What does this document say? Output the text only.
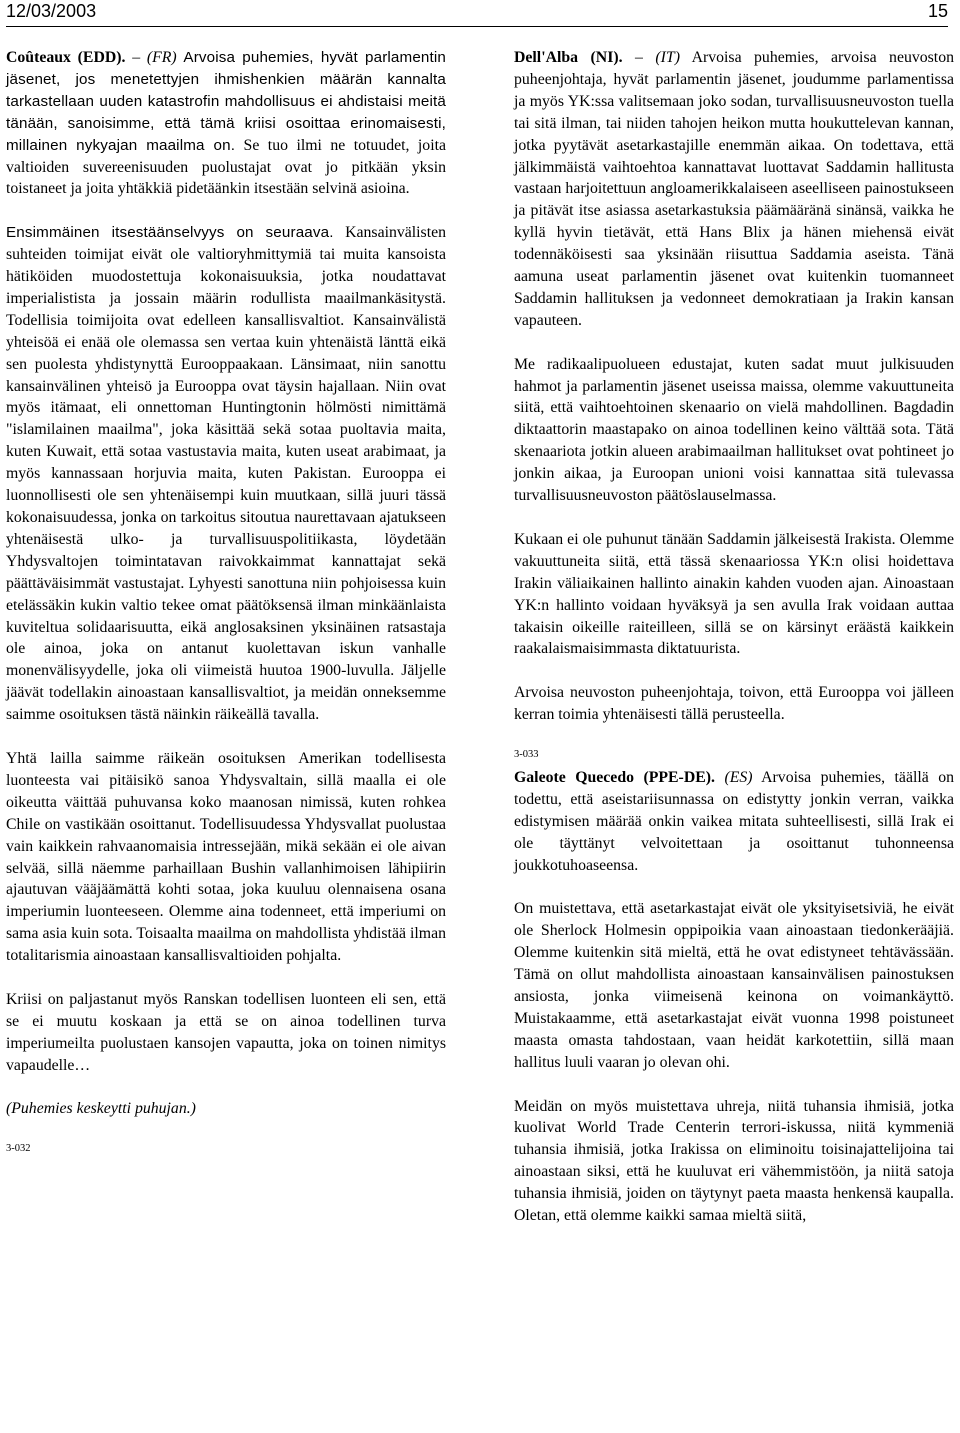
12/03/2003	15

Coûteaux (EDD). – (FR) Arvoisa puhemies, hyvät parlamentin jäsenet, jos menetettyjen ihmishenkien määrän kannalta tarkastellaan uuden katastrofin mahdollisuus ei ahdistaisi meitä tänään, sanoisimme, että tämä kriisi osoittaa erinomaisesti, millainen nykyajan maailma on. Se tuo ilmi ne totuudet, joita valtioiden suvereenisuuden puolustajat ovat jo pitkään yksin toistaneet ja joita yhtäkkiä pidetäänkin itsestään selvinä asioina.

Ensimmäinen itsestäänselvyys on seuraava. Kansainvälisten suhteiden toimijat eivät ole valtioryhmittymiä tai muita kansoista hätiköiden muodostettuja kokonaisuuksia, jotka noudattavat imperialistista ja jossain määrin rodullista maailmankäsitystä. Todellisia toimijoita ovat edelleen kansallisvaltiot. Kansainvälistä yhteisöä ei enää ole olemassa sen vertaa kuin yhtenäistä länttä eikä sen puolesta yhdistynyttä Eurooppaakaan. Länsimaat, niin sanottu kansainvälinen yhteisö ja Eurooppa ovat täysin hajallaan. Niin ovat myös itämaat, eli onnettoman Huntingtonin hölmösti nimittämä "islamilainen maailma", joka käsittää sekä sotaa puoltavia maita, kuten Kuwait, että sotaa vastustavia maita, kuten useat arabimaat, ja myös kannassaan horjuvia maita, kuten Pakistan. Eurooppa ei luonnollisesti ole sen yhtenäisempi kuin muutkaan, sillä juuri tässä kokonaisuudessa, jonka on tarkoitus sitoutua naurettavaan ajatukseen yhtenäisestä ulko- ja turvallisuuspolitiikasta, löydetään Yhdysvaltojen toimintatavan raivokkaimmat kannattajat sekä päättäväisimmät vastustajat. Lyhyesti sanottuna niin pohjoisessa kuin etelässäkin kukin valtio tekee omat päätöksensä ilman minkäänlaista kuviteltua solidaarisuutta, eikä anglosaksinen yksinäinen ratsastaja ole ainoa, joka on antanut kuolettavan iskun vanhalle monenvälisyydelle, joka oli viimeistä huutoa 1900-luvulla. Jäljelle jäävät todellakin ainoastaan kansallisvaltiot, ja meidän onneksemme saimme osoituksen tästä näinkin räikeällä tavalla.

Yhtä lailla saimme räikeän osoituksen Amerikan todellisesta luonteesta vai pitäisikö sanoa Yhdysvaltain, sillä maalla ei ole oikeutta väittää puhuvansa koko maanosan nimissä, kuten rohkea Chile on vastikään osoittanut. Todellisuudessa Yhdysvallat puolustaa vain kaikkein rahvaanomaisia intressejään, mikä sekään ei ole aivan selvää, sillä näemme parhaillaan Bushin vallanhimoisen lähipiirin ajautuvan vääjäämättä kohti sotaa, joka kuuluu olennaisena osana imperiumin luonteeseen. Olemme aina todenneet, että imperiumi on sama asia kuin sota. Toisaalta maailma on mahdollista yhdistää ilman totalitarismia ainoastaan kansallisvaltioiden pohjalta.

Kriisi on paljastanut myös Ranskan todellisen luonteen eli sen, että se ei muutu koskaan ja että se on ainoa todellinen turva imperiumeilta puolustaen kansojen vapautta, joka on toinen nimitys vapaudelle…

(Puhemies keskeytti puhujan.)

3-032

Dell'Alba (NI). – (IT) Arvoisa puhemies, arvoisa neuvoston puheenjohtaja, hyvät parlamentin jäsenet, joudumme parlamentissa ja myös YK:ssa valitsemaan joko sodan, turvallisuusneuvoston tuella tai sitä ilman, tai niiden tahojen heikon mutta houkuttelevan kannan, jotka pyytävät asetarkastajille enemmän aikaa. On todettava, että jälkimmäistä vaihtoehtoa kannattavat luottavat Saddamin hallitusta vastaan harjoitettuun angloamerikkalaiseen aseelliseen painostukseen ja pitävät itse asiassa asetarkastuksia päämääränä sinänsä, vaikka he kyllä hyvin tietävät, että Hans Blix ja hänen miehensä eivät todennäköisesti saa yksinään riisuttua Saddamia aseista. Tänä aamuna useat parlamentin jäsenet ovat kuitenkin tuomanneet Saddamin hallituksen ja vedonneet demokratiaan ja Irakin kansan vapauteen.

Me radikaalipuolueen edustajat, kuten sadat muut julkisuuden hahmot ja parlamentin jäsenet useissa maissa, olemme vakuuttuneita siitä, että vaihtoehtoinen skenaario on vielä mahdollinen. Bagdadin diktaattorin maastapako on ainoa todellinen keino välttää sota. Tätä skenaariota jotkin alueen arabimaailman hallitukset ovat pohtineet jo jonkin aikaa, ja Euroopan unioni voisi kannattaa sitä tulevassa turvallisuusneuvoston päätöslauselmassa.

Kukaan ei ole puhunut tänään Saddamin jälkeisestä Irakista. Olemme vakuuttuneita siitä, että tässä skenaariossa YK:n olisi hoidettava Irakin väliaikainen hallinto ainakin kahden vuoden ajan. Ainoastaan YK:n hallinto voidaan hyväksyä ja sen avulla Irak voidaan auttaa takaisin oikeille raiteilleen, sillä se on kärsinyt eräästä kaikkein raakalaismaisimmasta diktatuurista.

Arvoisa neuvoston puheenjohtaja, toivon, että Eurooppa voi jälleen kerran toimia yhtenäisesti tällä perusteella.

3-033

Galeote Quecedo (PPE-DE). (ES) Arvoisa puhemies, täällä on todettu, että aseistariisunnassa on edistytty jonkin verran, vaikka edistymisen määrää onkin vaikea mitata suhteellisesti, sillä Irak ei ole täyttänyt velvoitettaan ja osoittanut tuhonneensa joukkotuhoaseensa.

On muistettava, että asetarkastajat eivät ole yksityisetsiviä, he eivät ole Sherlock Holmesin oppipoikia vaan ainoastaan tiedonkerääjiä. Olemme kuitenkin sitä mieltä, että he ovat edistyneet tehtävässään. Tämä on ollut mahdollista ainoastaan kansainvälisen painostuksen ansiosta, jonka viimeisenä keinona on voimankäyttö. Muistakaamme, että asetarkastajat eivät vuonna 1998 poistuneet maasta omasta tahdostaan, vaan heidät karkotettiin, sillä maan hallitus luuli vaaran jo olevan ohi.

Meidän on myös muistettava uhreja, niitä tuhansia ihmisiä, jotka kuolivat World Trade Centerin terrori-iskussa, niitä kymmeniä tuhansia ihmisiä, jotka Irakissa on eliminoitu toisinajattelijoina tai ainoastaan siksi, että he kuuluvat eri vähemmistöön, ja niitä satoja tuhansia ihmisiä, joiden on täytynyt paeta maasta henkensä kaupalla. Oletan, että olemme kaikki samaa mieltä siitä,
